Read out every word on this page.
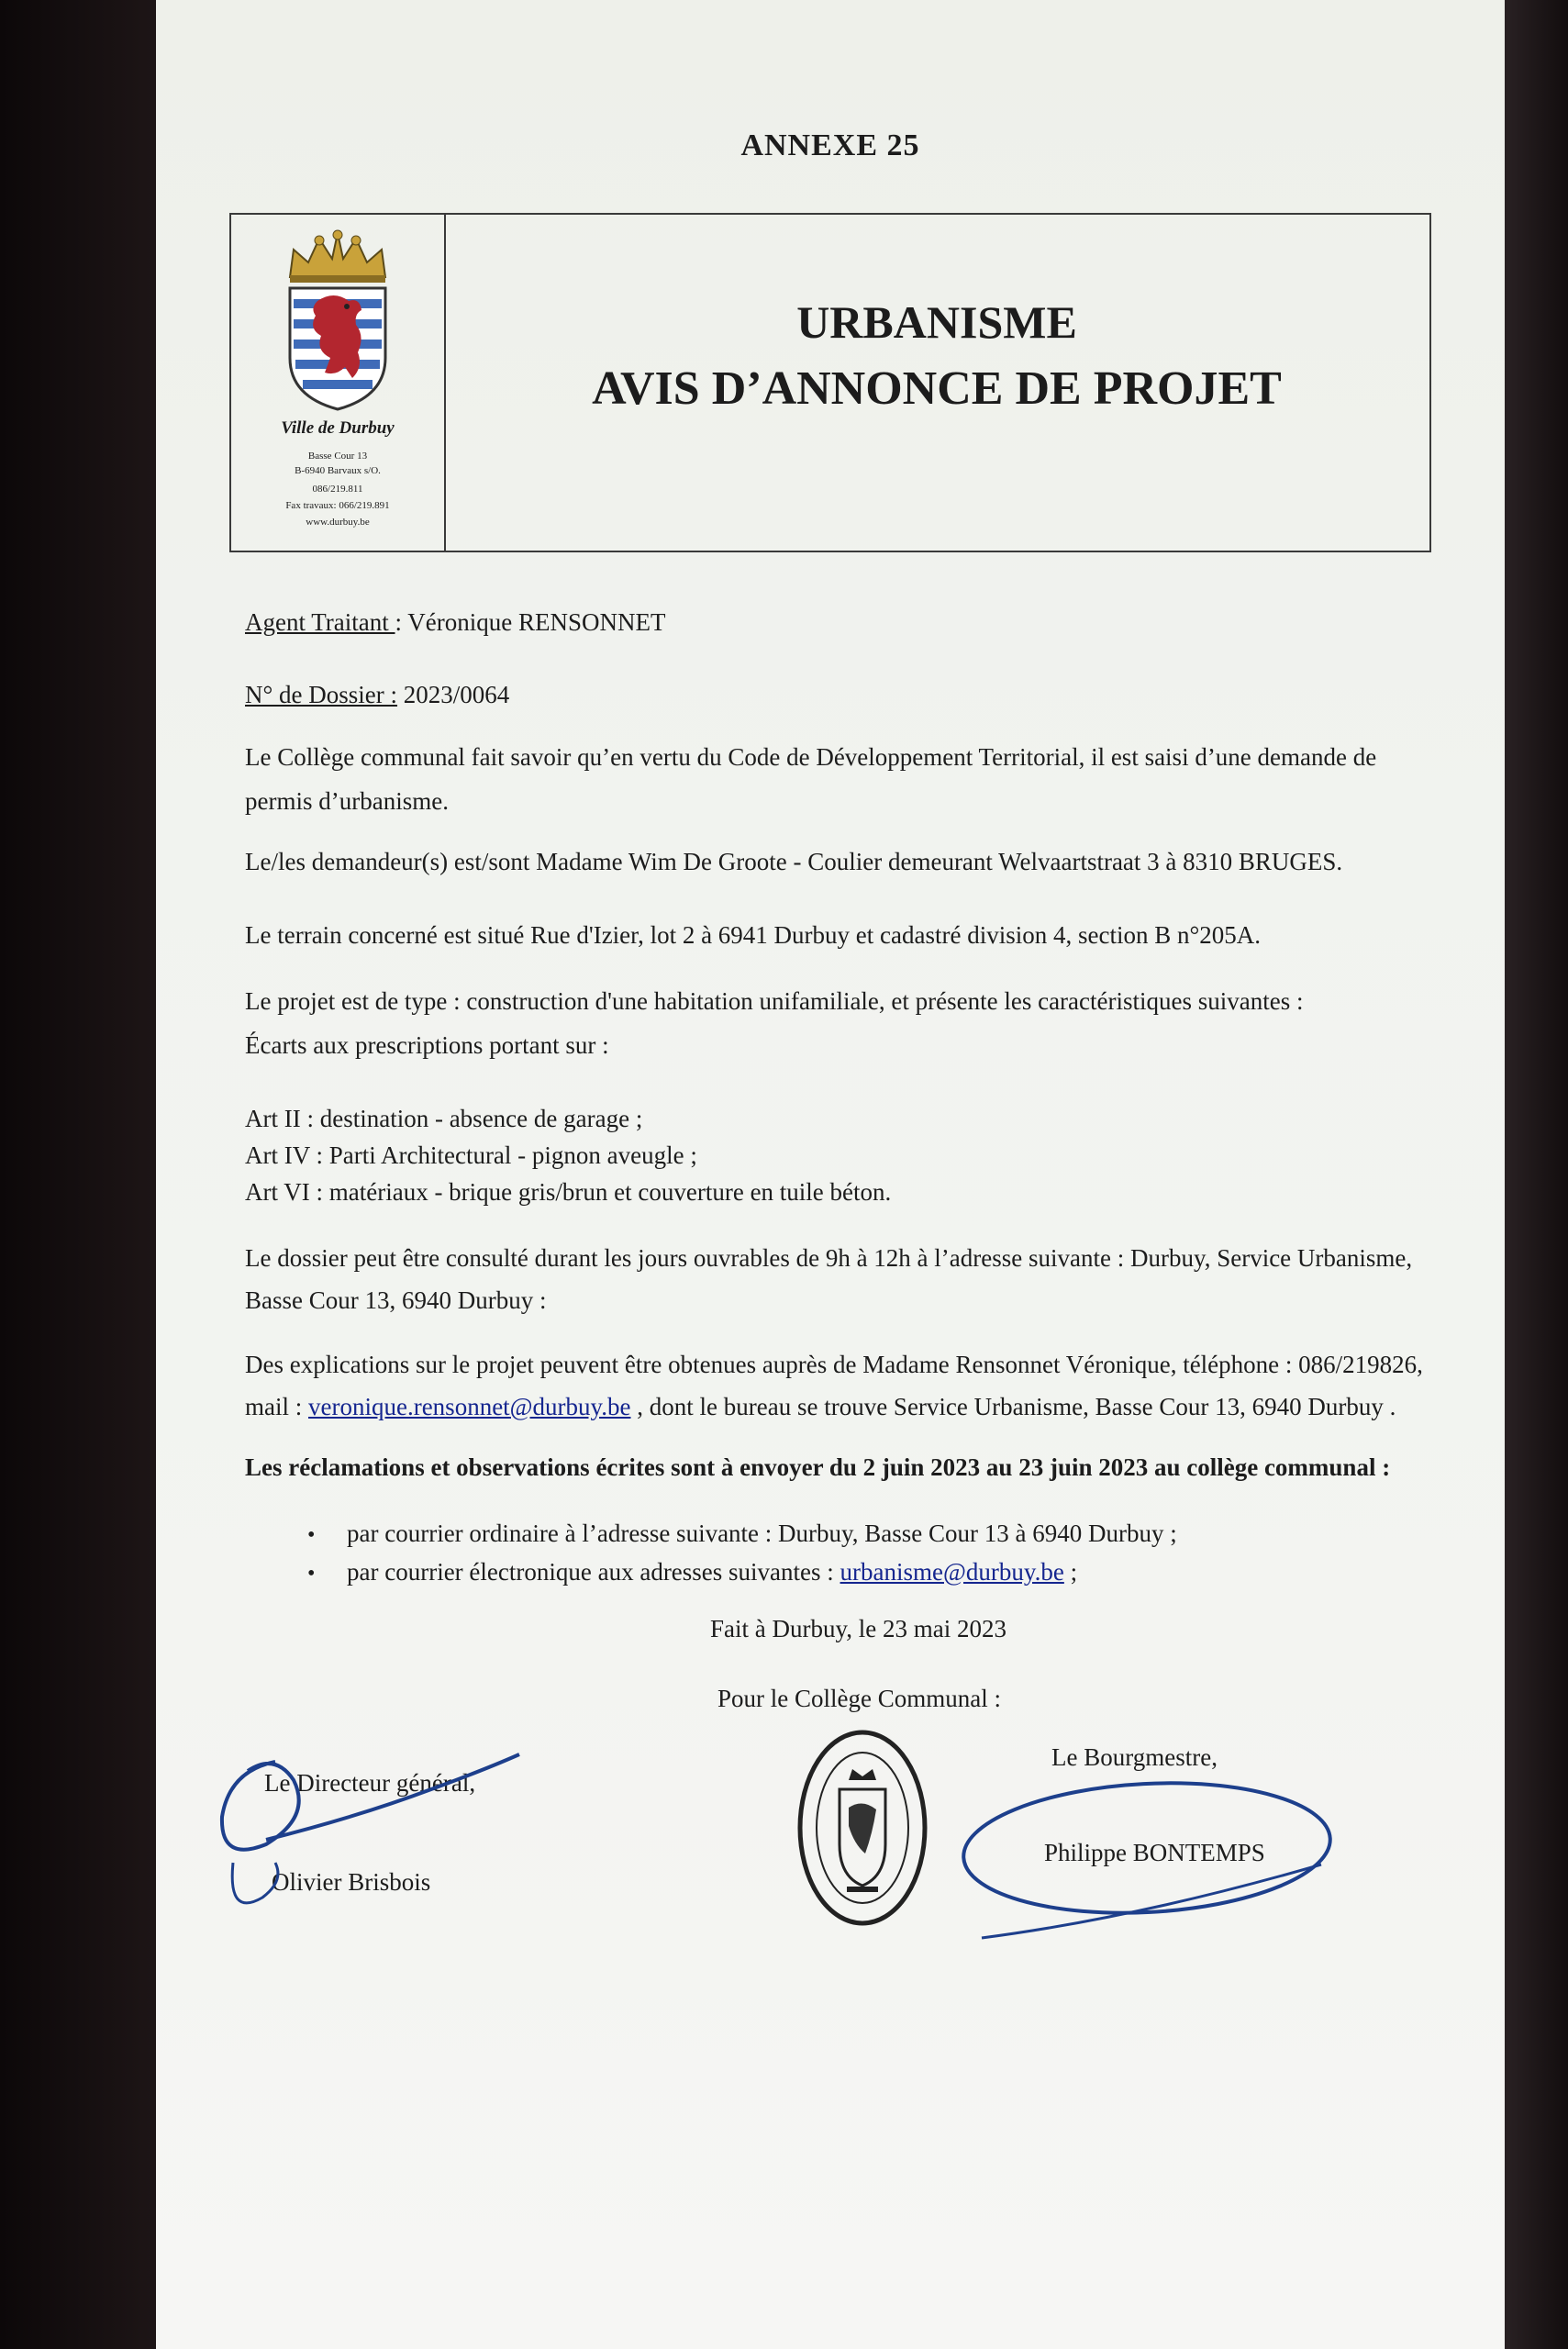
ANNEXE 25
Ville de Durbuy
Basse Cour 13
B-6940 Barvaux s/O.
086/219.811
Fax travaux: 066/219.891
www.durbuy.be
URBANISME
AVIS D’ANNONCE DE PROJET
Agent Traitant : Véronique RENSONNET
N° de Dossier : 2023/0064
Le Collège communal fait savoir qu’en vertu du Code de Développement Territorial, il est saisi d’une demande de
permis d’urbanisme.
Le/les demandeur(s) est/sont Madame Wim De Groote - Coulier demeurant Welvaartstraat 3 à 8310 BRUGES.
Le terrain concerné est situé Rue d'Izier, lot 2 à 6941 Durbuy et cadastré division 4, section B n°205A.
Le projet est de type : construction d'une habitation unifamiliale, et présente les caractéristiques suivantes :
Écarts aux prescriptions portant sur :
Art II : destination - absence de garage ;
Art IV : Parti Architectural - pignon aveugle ;
Art VI : matériaux - brique gris/brun et couverture en tuile béton.
Le dossier peut être consulté durant les jours ouvrables de 9h à 12h à l’adresse suivante : Durbuy, Service Urbanisme,
Basse Cour 13, 6940 Durbuy :
Des explications sur le projet peuvent être obtenues auprès de Madame Rensonnet Véronique, téléphone : 086/219826,
mail : veronique.rensonnet@durbuy.be , dont le bureau se trouve Service Urbanisme, Basse Cour 13, 6940 Durbuy .
Les réclamations et observations écrites sont à envoyer du 2 juin 2023 au 23 juin 2023 au collège communal :
• par courrier ordinaire à l’adresse suivante : Durbuy, Basse Cour 13 à 6940 Durbuy ;
• par courrier électronique aux adresses suivantes : urbanisme@durbuy.be ;
Fait à Durbuy, le 23 mai 2023
Pour le Collège Communal :
Le Directeur général,
Olivier Brisbois
Le Bourgmestre,
Philippe BONTEMPS
